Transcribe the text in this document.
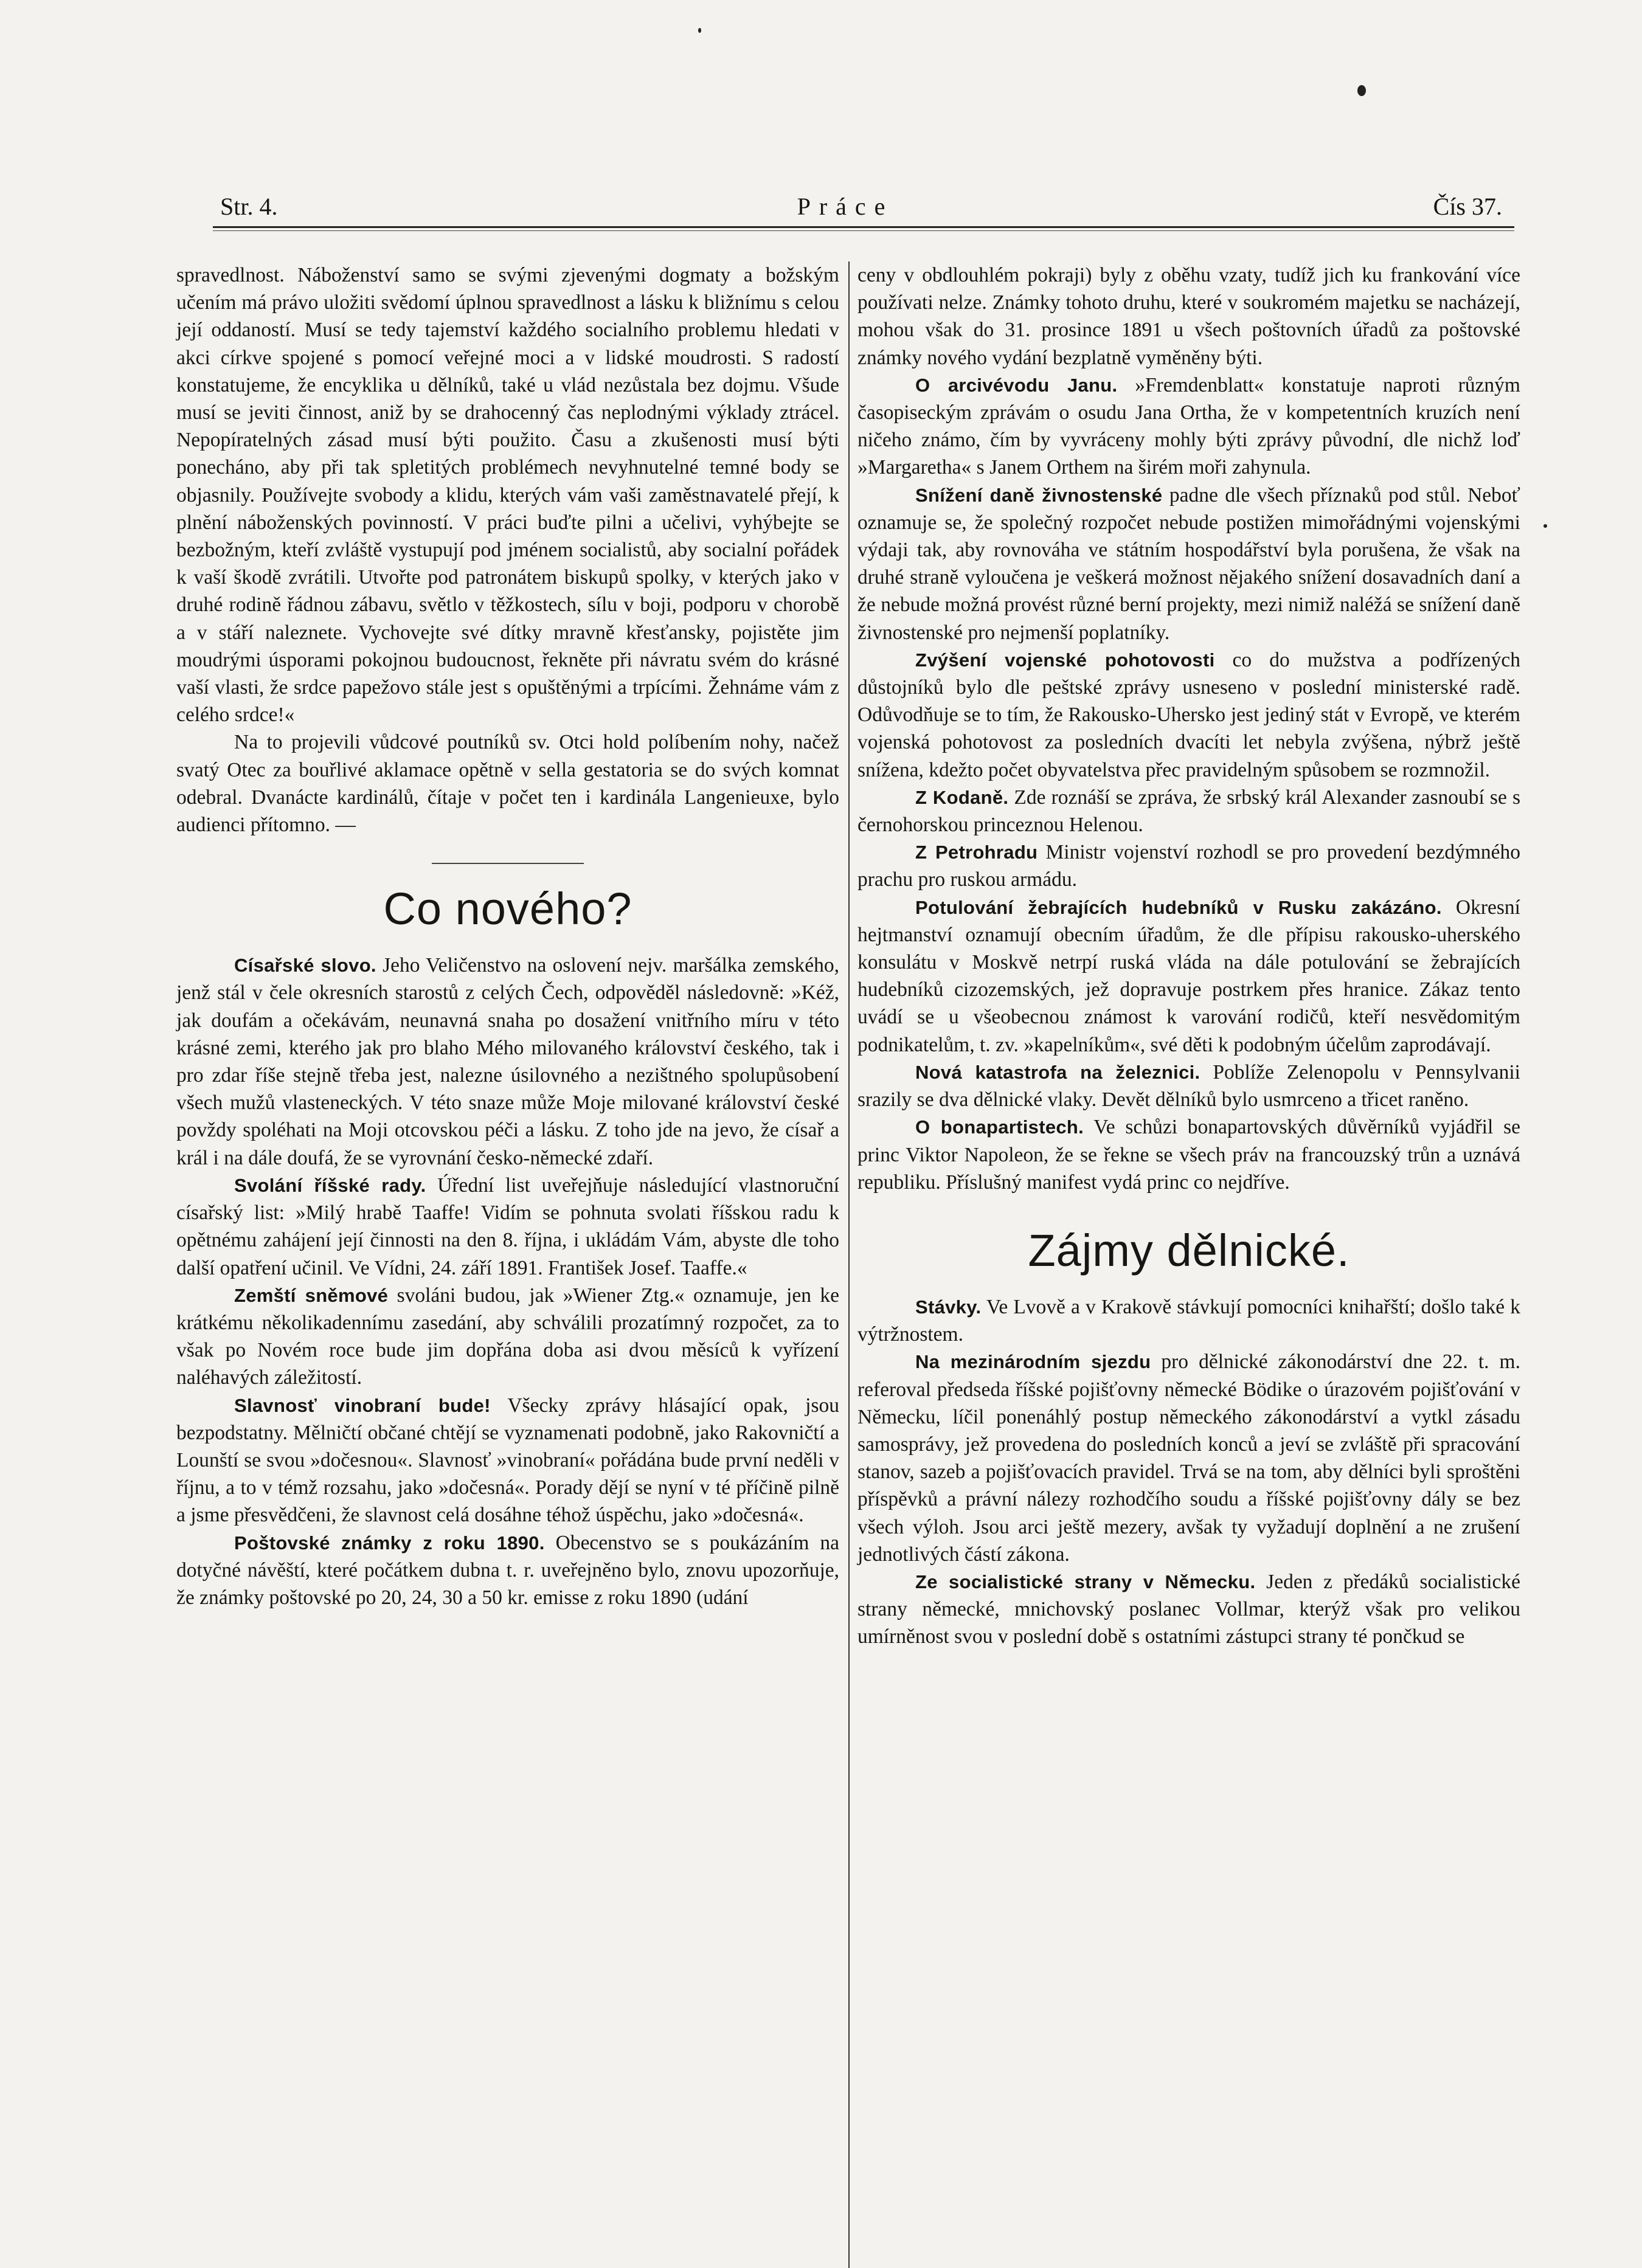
Str. 4.	Práce	Čís 37.

spravedlnost. Náboženství samo se svými zjevenými dogmaty a božským učením má právo uložiti svědomí úplnou spravedlnost a lásku k bližnímu s celou její oddaností. Musí se tedy tajemství každého socialního problemu hledati v akci církve spojené s pomocí veřejné moci a v lidské moudrosti. S radostí konstatujeme, že encyklika u dělníků, také u vlád nezůstala bez dojmu. Všude musí se jeviti činnost, aniž by se drahocenný čas neplodnými výklady ztrácel. Nepopíratelných zásad musí býti použito. Času a zkušenosti musí býti ponecháno, aby při tak spletitých problémech nevyhnutelné temné body se objasnily. Používejte svobody a klidu, kterých vám vaši zaměstnavatelé přejí, k plnění náboženských povinností. V práci buďte pilni a učelivi, vyhýbejte se bezbožným, kteří zvláště vystupují pod jménem socialistů, aby socialní pořádek k vaší škodě zvrátili. Utvořte pod patronátem biskupů spolky, v kterých jako v druhé rodině řádnou zábavu, světlo v těžkostech, sílu v boji, podporu v chorobě a v stáří naleznete. Vychovejte své dítky mravně křesťansky, pojistěte jim moudrými úsporami pokojnou budoucnost, řekněte při návratu svém do krásné vaší vlasti, že srdce papežovo stále jest s opuštěnými a trpícími. Žehnáme vám z celého srdce!«

Na to projevili vůdcové poutníků sv. Otci hold políbením nohy, načež svatý Otec za bouřlivé aklamace opětně v sella gestatoria se do svých komnat odebral. Dvanácte kardinálů, čítaje v počet ten i kardinála Langenieuxe, bylo audienci přítomno. —

Co nového?

Císařské slovo. Jeho Veličenstvo na oslovení nejv. maršálka zemského, jenž stál v čele okresních starostů z celých Čech, odpověděl následovně: »Kéž, jak doufám a očekávám, neunavná snaha po dosažení vnitřního míru v této krásné zemi, kterého jak pro blaho Mého milovaného království českého, tak i pro zdar říše stejně třeba jest, nalezne úsilovného a nezištného spolupůsobení všech mužů vlasteneckých. V této snaze může Moje milované království české povždy spoléhati na Moji otcovskou péči a lásku. Z toho jde na jevo, že císař a král i na dále doufá, že se vyrovnání česko-německé zdaří.

Svolání říšské rady. Úřední list uveřejňuje následující vlastnoruční císařský list: »Milý hrabě Taaffe! Vidím se pohnuta svolati říšskou radu k opětnému zahájení její činnosti na den 8. října, i ukládám Vám, abyste dle toho další opatření učinil. Ve Vídni, 24. září 1891. František Josef. Taaffe.«

Zemští sněmové svoláni budou, jak »Wiener Ztg.« oznamuje, jen ke krátkému několikadennímu zasedání, aby schválili prozatímný rozpočet, za to však po Novém roce bude jim dopřána doba asi dvou měsíců k vyřízení naléhavých záležitostí.

Slavnosť vinobraní bude! Všecky zprávy hlásající opak, jsou bezpodstatny. Mělničtí občané chtějí se vyznamenati podobně, jako Rakovničtí a Lounští se svou »dočesnou«. Slavnosť »vinobraní« pořádána bude první neděli v říjnu, a to v témž rozsahu, jako »dočesná«. Porady dějí se nyní v té příčině pilně a jsme přesvědčeni, že slavnost celá dosáhne téhož úspěchu, jako »dočesná«.

Poštovské známky z roku 1890. Obecenstvo se s poukázáním na dotyčné návěští, které počátkem dubna t. r. uveřejněno bylo, znovu upozorňuje, že známky poštovské po 20, 24, 30 a 50 kr. emisse z roku 1890 (udání

ceny v obdlouhlém pokraji) byly z oběhu vzaty, tudíž jich ku frankování více používati nelze. Známky tohoto druhu, které v soukromém majetku se nacházejí, mohou však do 31. prosince 1891 u všech poštovních úřadů za poštovské známky nového vydání bezplatně vyměněny býti.

O arcivévodu Janu. »Fremdenblatt« konstatuje naproti různým časopiseckým zprávám o osudu Jana Ortha, že v kompetentních kruzích není ničeho známo, čím by vyvráceny mohly býti zprávy původní, dle nichž loď »Margaretha« s Janem Orthem na širém moři zahynula.

Snížení daně živnostenské padne dle všech příznaků pod stůl. Neboť oznamuje se, že společný rozpočet nebude postižen mimořádnými vojenskými výdaji tak, aby rovnováha ve státním hospodářství byla porušena, že však na druhé straně vyloučena je veškerá možnost nějakého snížení dosavadních daní a že nebude možná provést různé berní projekty, mezi nimiž naléžá se snížení daně živnostenské pro nejmenší poplatníky.

Zvýšení vojenské pohotovosti co do mužstva a podřízených důstojníků bylo dle peštské zprávy usneseno v poslední ministerské radě. Odůvodňuje se to tím, že Rakousko-Uhersko jest jediný stát v Evropě, ve kterém vojenská pohotovost za posledních dvacíti let nebyla zvýšena, nýbrž ještě snížena, kdežto počet obyvatelstva přec pravidelným spůsobem se rozmnožil.

Z Kodaně. Zde roznáší se zpráva, že srbský král Alexander zasnoubí se s černohorskou princeznou Helenou.

Z Petrohradu Ministr vojenství rozhodl se pro provedení bezdýmného prachu pro ruskou armádu.

Potulování žebrajících hudebníků v Rusku zakázáno. Okresní hejtmanství oznamují obecním úřadům, že dle přípisu rakousko-uherského konsulátu v Moskvě netrpí ruská vláda na dále potulování se žebrajících hudebníků cizozemských, jež dopravuje postrkem přes hranice. Zákaz tento uvádí se u všeobecnou známost k varování rodičů, kteří nesvědomitým podnikatelům, t. zv. »kapelníkům«, své děti k podobným účelům zaprodávají.

Nová katastrofa na železnici. Poblíže Zelenopolu v Pennsylvanii srazily se dva dělnické vlaky. Devět dělníků bylo usmrceno a třicet raněno.

O bonapartistech. Ve schůzi bonapartovských důvěrníků vyjádřil se princ Viktor Napoleon, že se řekne se všech práv na francouzský trůn a uznává republiku. Příslušný manifest vydá princ co nejdříve.

Zájmy dělnické.

Stávky. Ve Lvově a v Krakově stávkují pomocníci knihařští; došlo také k výtržnostem.

Na mezinárodním sjezdu pro dělnické zákonodárství dne 22. t. m. referoval předseda říšské pojišťovny německé Bödike o úrazovém pojišťování v Německu, líčil ponenáhlý postup německého zákonodárství a vytkl zásadu samosprávy, jež provedena do posledních konců a jeví se zvláště při spracování stanov, sazeb a pojišťovacích pravidel. Trvá se na tom, aby dělníci byli sproštěni příspěvků a právní nálezy rozhodčího soudu a říšské pojišťovny dály se bez všech výloh. Jsou arci ještě mezery, avšak ty vyžadují doplnění a ne zrušení jednotlivých částí zákona.

Ze socialistické strany v Německu. Jeden z předáků socialistické strany německé, mnichovský poslanec Vollmar, kterýž však pro velikou umírněnost svou v poslední době s ostatními zástupci strany té pončkud se
